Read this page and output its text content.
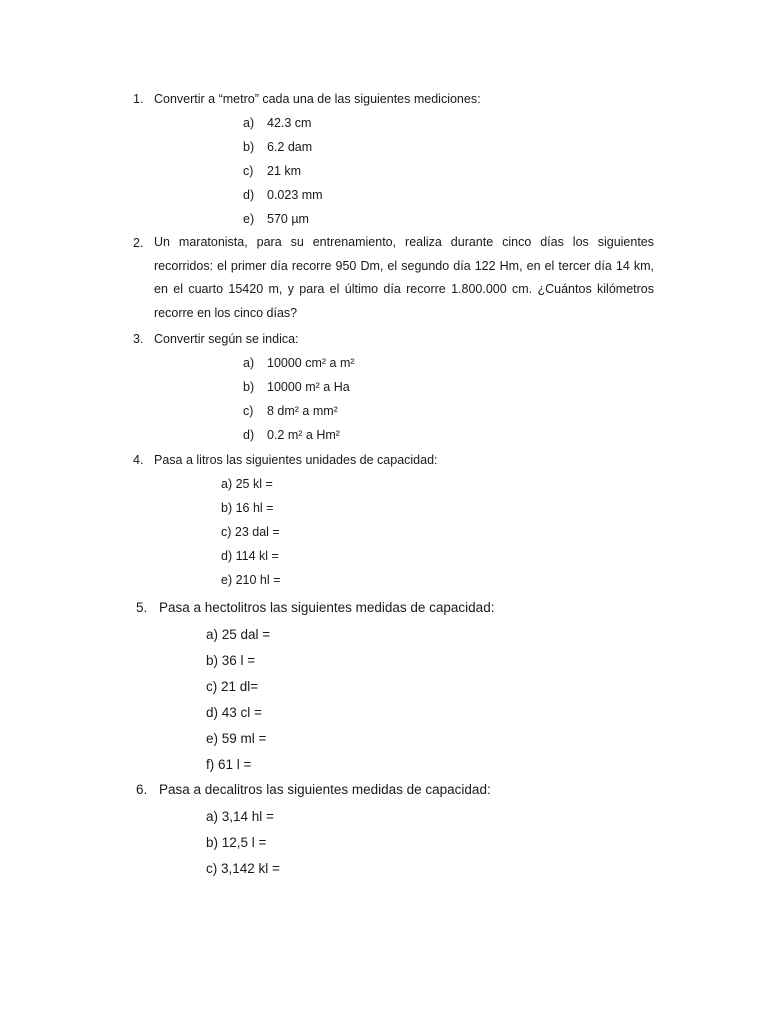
1. Convertir a “metro” cada una de las siguientes mediciones:
a) 42.3 cm
b) 6.2 dam
c) 21 km
d) 0.023 mm
e) 570 µm
2. Un maratonista, para su entrenamiento, realiza durante cinco días los siguientes recorridos: el primer día recorre 950 Dm, el segundo día 122 Hm, en el tercer día 14 km, en el cuarto 15420 m, y para el último día recorre 1.800.000 cm. ¿Cuántos kilómetros recorre en los cinco días?
3. Convertir según se indica:
a) 10000 cm² a m²
b) 10000 m² a Ha
c) 8 dm² a mm²
d) 0.2 m² a Hm²
4. Pasa a litros las siguientes unidades de capacidad:
a) 25 kl =
b) 16 hl =
c) 23 dal =
d) 114 kl =
e) 210 hl =
5. Pasa a hectolitros las siguientes medidas de capacidad:
a) 25 dal =
b) 36 l =
c) 21 dl=
d) 43 cl =
e) 59 ml =
f) 61 l =
6. Pasa a decalitros las siguientes medidas de capacidad:
a) 3,14 hl =
b) 12,5 l =
c) 3,142 kl =
